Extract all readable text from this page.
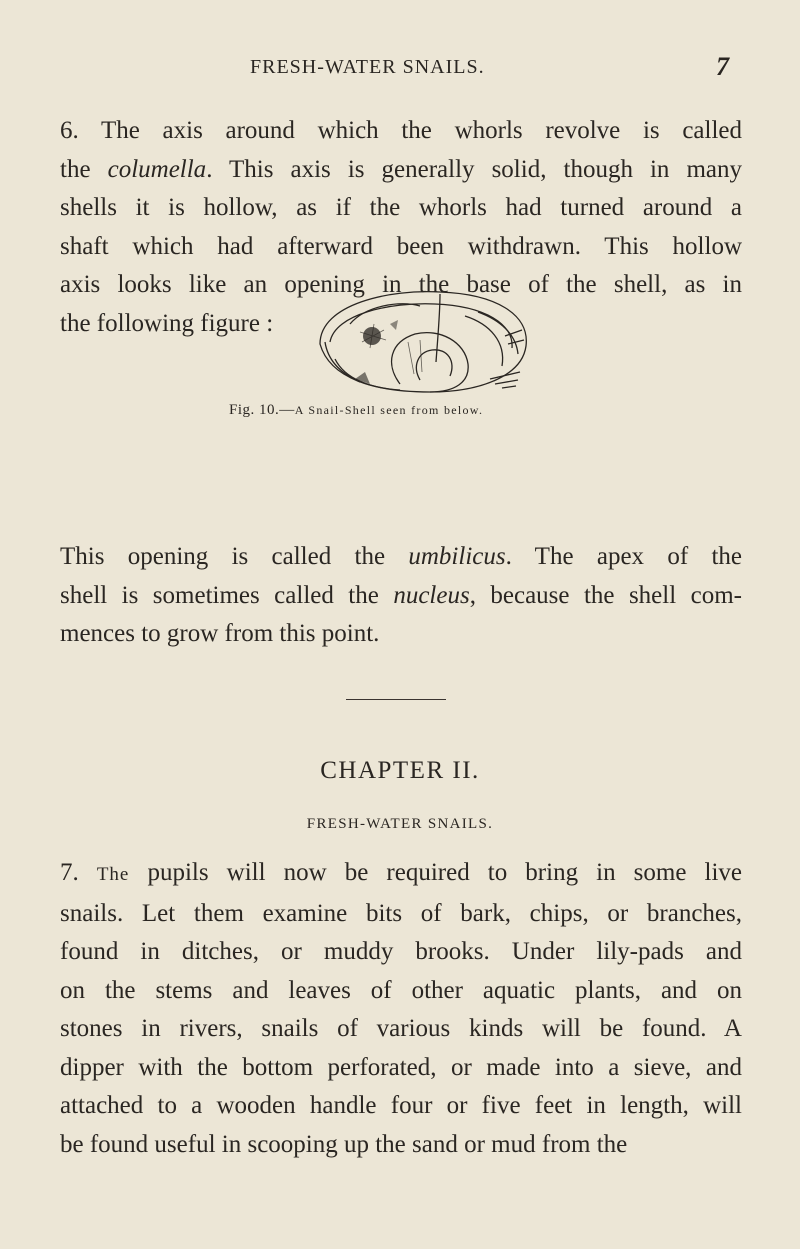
FRESH-WATER SNAILS.	7
6. The axis around which the whorls revolve is called
the columella. This axis is generally solid, though in many
shells it is hollow, as if the whorls had turned around a
shaft which had afterward been withdrawn. This hollow
axis looks like an opening in the base of the shell, as in
the following figure :
Fig. 10.—A Snail-Shell seen from below.
This opening is called the umbilicus. The apex of the
shell is sometimes called the nucleus, because the shell com-
mences to grow from this point.
CHAPTER II.
FRESH-WATER SNAILS.
7. The pupils will now be required to bring in some live
snails. Let them examine bits of bark, chips, or branches,
found in ditches, or muddy brooks. Under lily-pads and
on the stems and leaves of other aquatic plants, and on
stones in rivers, snails of various kinds will be found. A
dipper with the bottom perforated, or made into a sieve, and
attached to a wooden handle four or five feet in length, will
be found useful in scooping up the sand or mud from the
